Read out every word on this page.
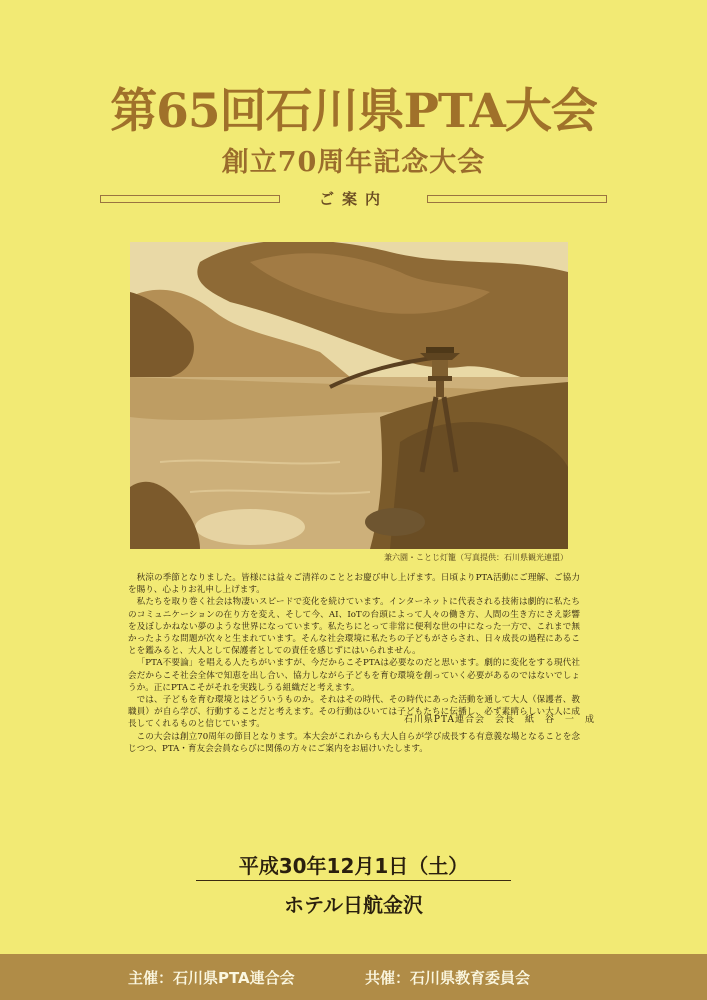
第65回石川県PTA大会
創立70周年記念大会
ご案内
兼六園・ことじ灯籠（写真提供：石川県観光連盟）

秋涼の季節となりました。皆様には益々ご清祥のこととお慶び申し上げます。日頃よりPTA活動にご理解、ご協力を賜り、心よりお礼申し上げます。

私たちを取り巻く社会は物凄いスピードで変化を続けています。インターネットに代表される技術は劇的に私たちのコミュニケーションの在り方を変え、そして今、AI、IoTの台頭によって人々の働き方、人間の生き方にさえ影響を及ぼしかねない夢のような世界になっています。私たちにとって非常に便利な世の中になった一方で、これまで無かったような問題が次々と生まれています。そんな社会環境に私たちの子どもがさらされ、日々成長の過程にあることを鑑みると、大人として保護者としての責任を感じずにはいられません。

「PTA不要論」を唱える人たちがいますが、今だからこそPTAは必要なのだと思います。劇的に変化をする現代社会だからこそ社会全体で知恵を出し合い、協力しながら子どもを育む環境を創っていく必要があるのではないでしょうか。正にPTAこそがそれを実践しうる組織だと考えます。

では、子どもを育む環境とはどういうものか。それはその時代、その時代にあった活動を通して大人（保護者、教職員）が自ら学び、行動することだと考えます。その行動はひいては子どもたちに伝播し、必ず素晴らしい大人に成長してくれるものと信じています。

この大会は創立70周年の節目となります。本大会がこれからも大人自らが学び成長する有意義な場となることを念じつつ、PTA・育友会会員ならびに関係の方々にご案内をお届けいたします。

石川県PTA連合会　会長　紙　谷　一　成
平成30年12月1日（土）
ホテル日航金沢
主催：石川県PTA連合会	共催：石川県教育委員会
